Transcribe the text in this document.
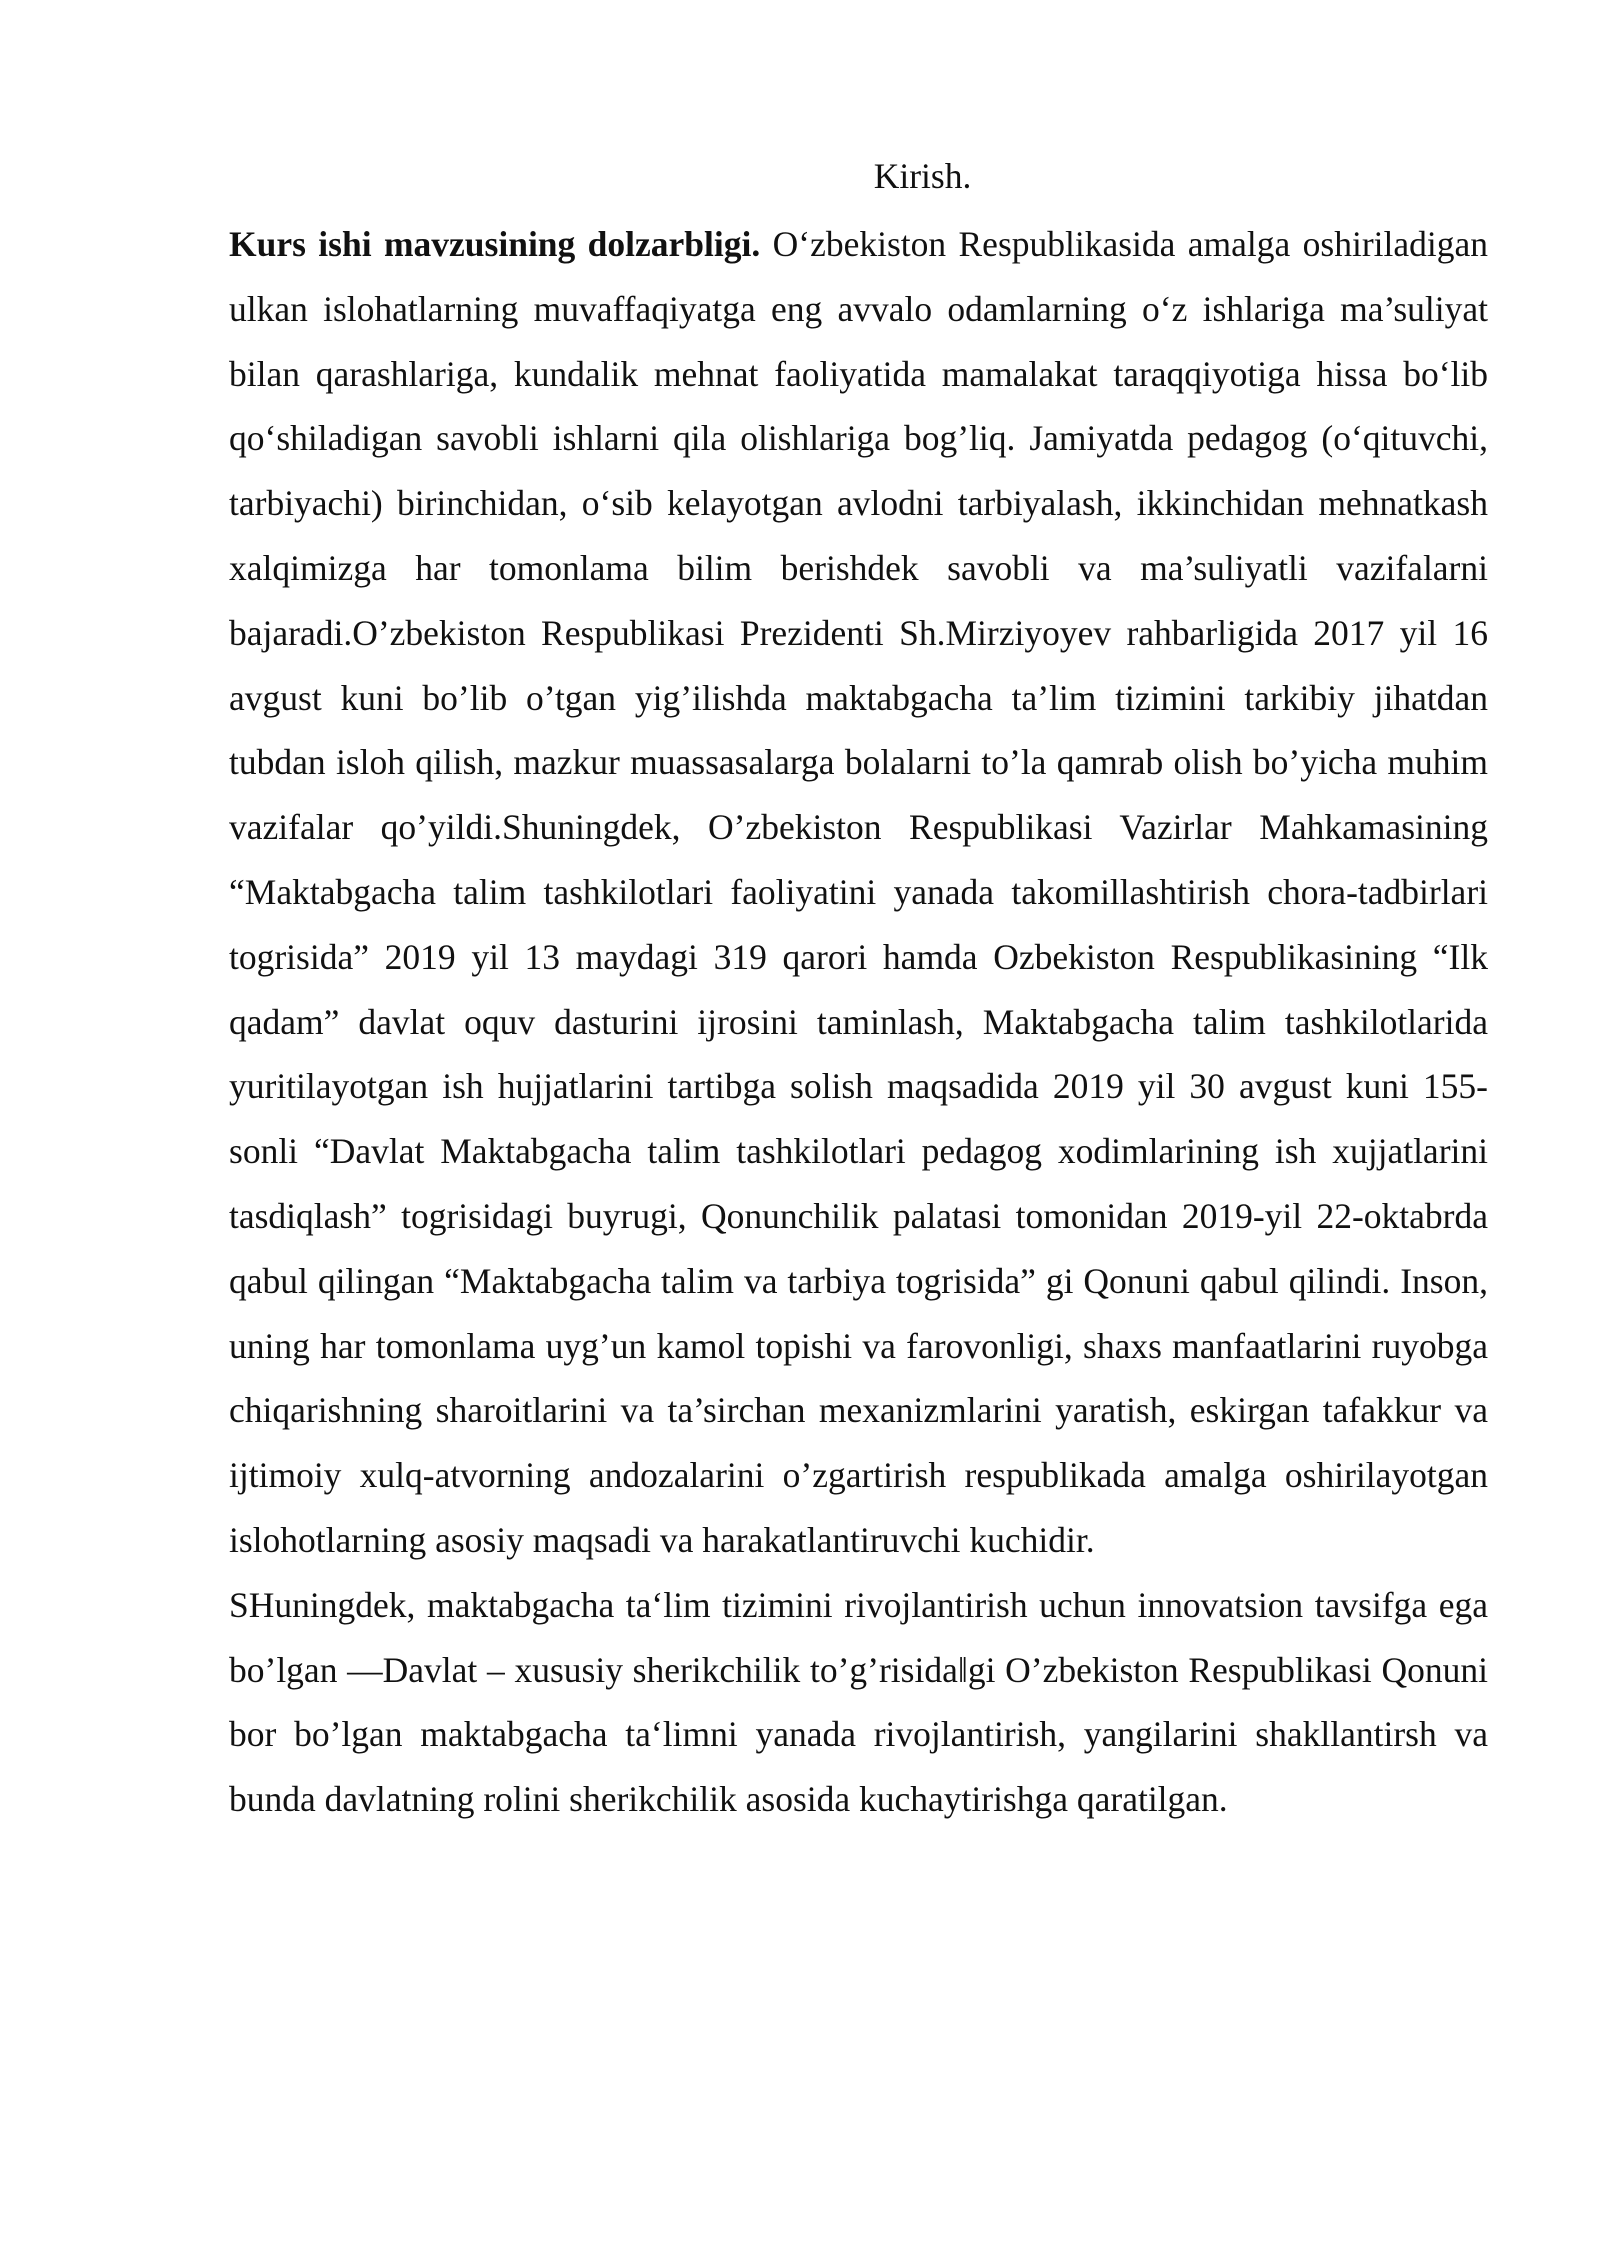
Kirish.

Kurs ishi mavzusining dolzarbligi. O‘zbekiston Respublikasida amalga oshiriladigan ulkan islohatlarning muvaffaqiyatga eng avvalo odamlarning o‘z ishlariga ma’suliyat bilan qarashlariga, kundalik mehnat faoliyatida mamalakat taraqqiyotiga hissa bo‘lib qo‘shiladigan savobli ishlarni qila olishlariga bog’liq. Jamiyatda pedagog (o‘qituvchi, tarbiyachi) birinchidan, o‘sib kelayotgan avlodni tarbiyalash, ikkinchidan mehnatkash xalqimizga har tomonlama bilim berishdek savobli va ma’suliyatli vazifalarni bajaradi.O’zbekiston Respublikasi Prezidenti Sh.Mirziyoyev rahbarligida 2017 yil 16 avgust kuni bo’lib o’tgan yig’ilishda maktabgacha ta’lim tizimini tarkibiy jihatdan tubdan isloh qilish, mazkur muassasalarga bolalarni to’la qamrab olish bo’yicha muhim vazifalar qo’yildi.Shuningdek, O’zbekiston Respublikasi Vazirlar Mahkamasining “Maktabgacha talim tashkilotlari faoliyatini yanada takomillashtirish chora-tadbirlari togrisida” 2019 yil 13 maydagi 319 qarori hamda Ozbekiston Respublikasining “Ilk qadam” davlat oquv dasturini ijrosini taminlash, Maktabgacha talim tashkilotlarida yuritilayotgan ish hujjatlarini tartibga solish maqsadida 2019 yil 30 avgust kuni 155-sonli “Davlat Maktabgacha talim tashkilotlari pedagog xodimlarining ish xujjatlarini tasdiqlash” togrisidagi buyrugi, Qonunchilik palatasi tomonidan 2019-yil 22-oktabrda qabul qilingan “Maktabgacha talim va tarbiya togrisida” gi Qonuni qabul qilindi. Inson, uning har tomonlama uyg’un kamol topishi va farovonligi, shaxs manfaatlarini ruyobga chiqarishning sharoitlarini va ta’sirchan mexanizmlarini yaratish, eskirgan tafakkur va ijtimoiy xulq-atvorning andozalarini o’zgartirish respublikada amalga oshirilayotgan islohotlarning asosiy maqsadi va harakatlantiruvchi kuchidir.

SHuningdek, maktabgacha ta‘lim tizimini rivojlantirish uchun innovatsion tavsifga ega bo’lgan ―Davlat – xususiy sherikchilik to’g’risida‖gi O’zbekiston Respublikasi Qonuni bor bo’lgan maktabgacha ta‘limni yanada rivojlantirish, yangilarini shakllantirsh va bunda davlatning rolini sherikchilik asosida kuchaytirishga qaratilgan.
